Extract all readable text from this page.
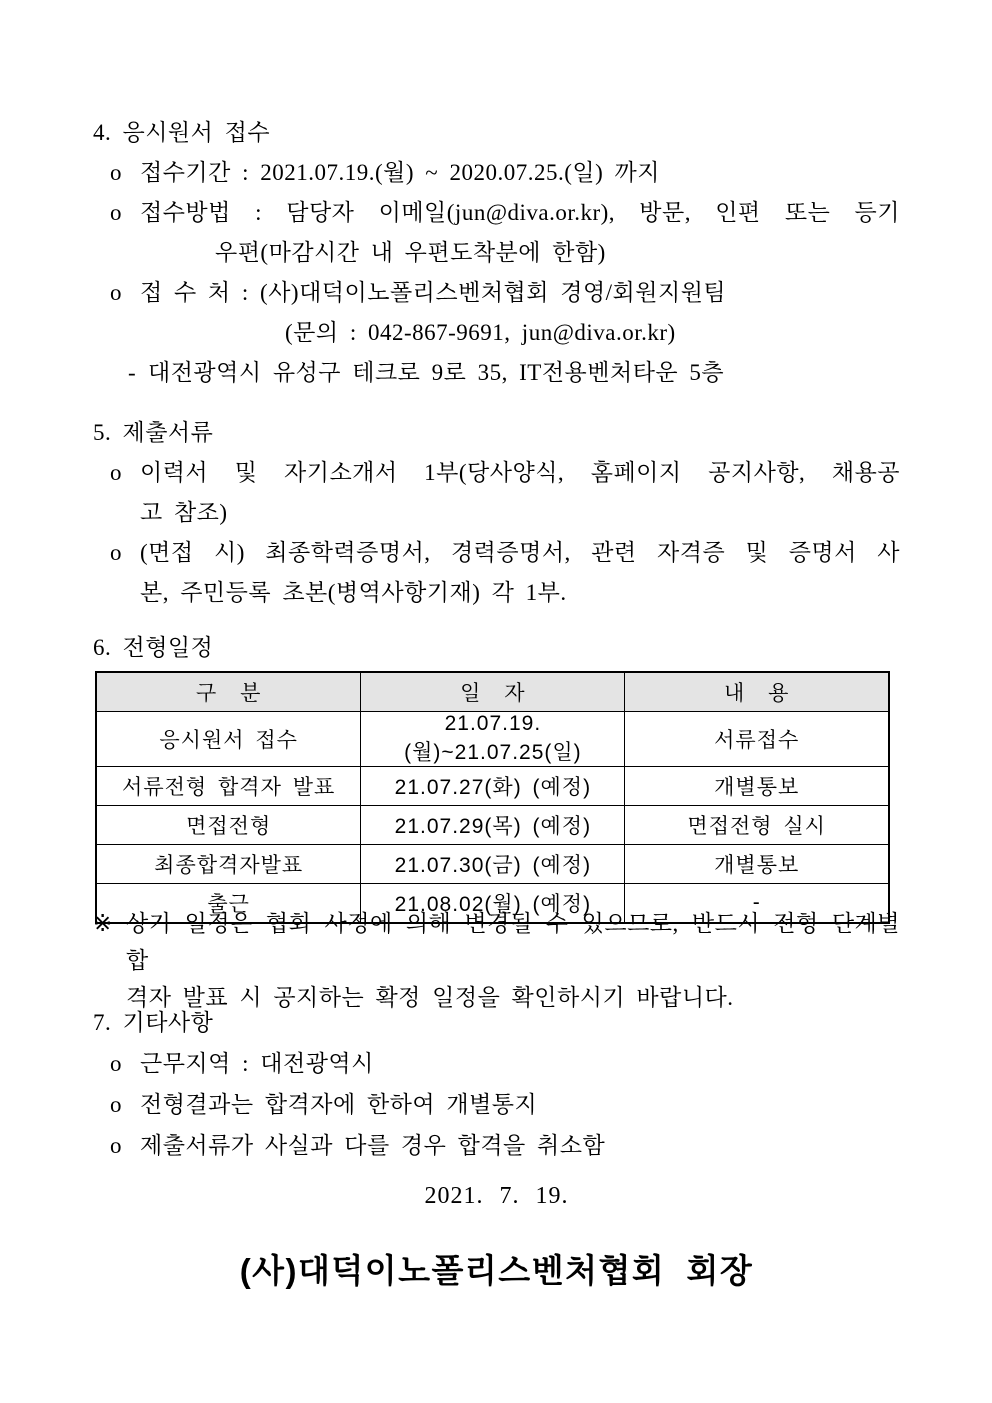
4. 응시원서 접수
o 접수기간 : 2021.07.19.(월) ~ 2020.07.25.(일) 까지
o 접수방법 : 담당자 이메일(jun@diva.or.kr), 방문, 인편 또는 등기
우편(마감시간 내 우편도착분에 한함)
o 접 수 처 : (사)대덕이노폴리스벤처협회 경영/회원지원팀
(문의 : 042-867-9691, jun@diva.or.kr)
- 대전광역시 유성구 테크로 9로 35, IT전용벤처타운 5층
5. 제출서류
o 이력서 및 자기소개서 1부(당사양식, 홈페이지 공지사항, 채용공
고 참조)
o (면접 시) 최종학력증명서, 경력증명서, 관련 자격증 및 증명서 사
본, 주민등록 초본(병역사항기재) 각 1부.
6. 전형일정
구 분	일 자	내 용
응시원서 접수	21.07.19.(월)~21.07.25(일)	서류접수
서류전형 합격자 발표	21.07.27(화) (예정)	개별통보
면접전형	21.07.29(목) (예정)	면접전형 실시
최종합격자발표	21.07.30(금) (예정)	개별통보
출근	21.08.02(월) (예정)	-
※ 상기 일정은 협회 사정에 의해 변경될 수 있으므로, 반드시 전형 단계별 합
격자 발표 시 공지하는 확정 일정을 확인하시기 바랍니다.
7. 기타사항
o 근무지역 : 대전광역시
o 전형결과는 합격자에 한하여 개별통지
o 제출서류가 사실과 다를 경우 합격을 취소함
2021. 7. 19.
(사)대덕이노폴리스벤처협회  회장
